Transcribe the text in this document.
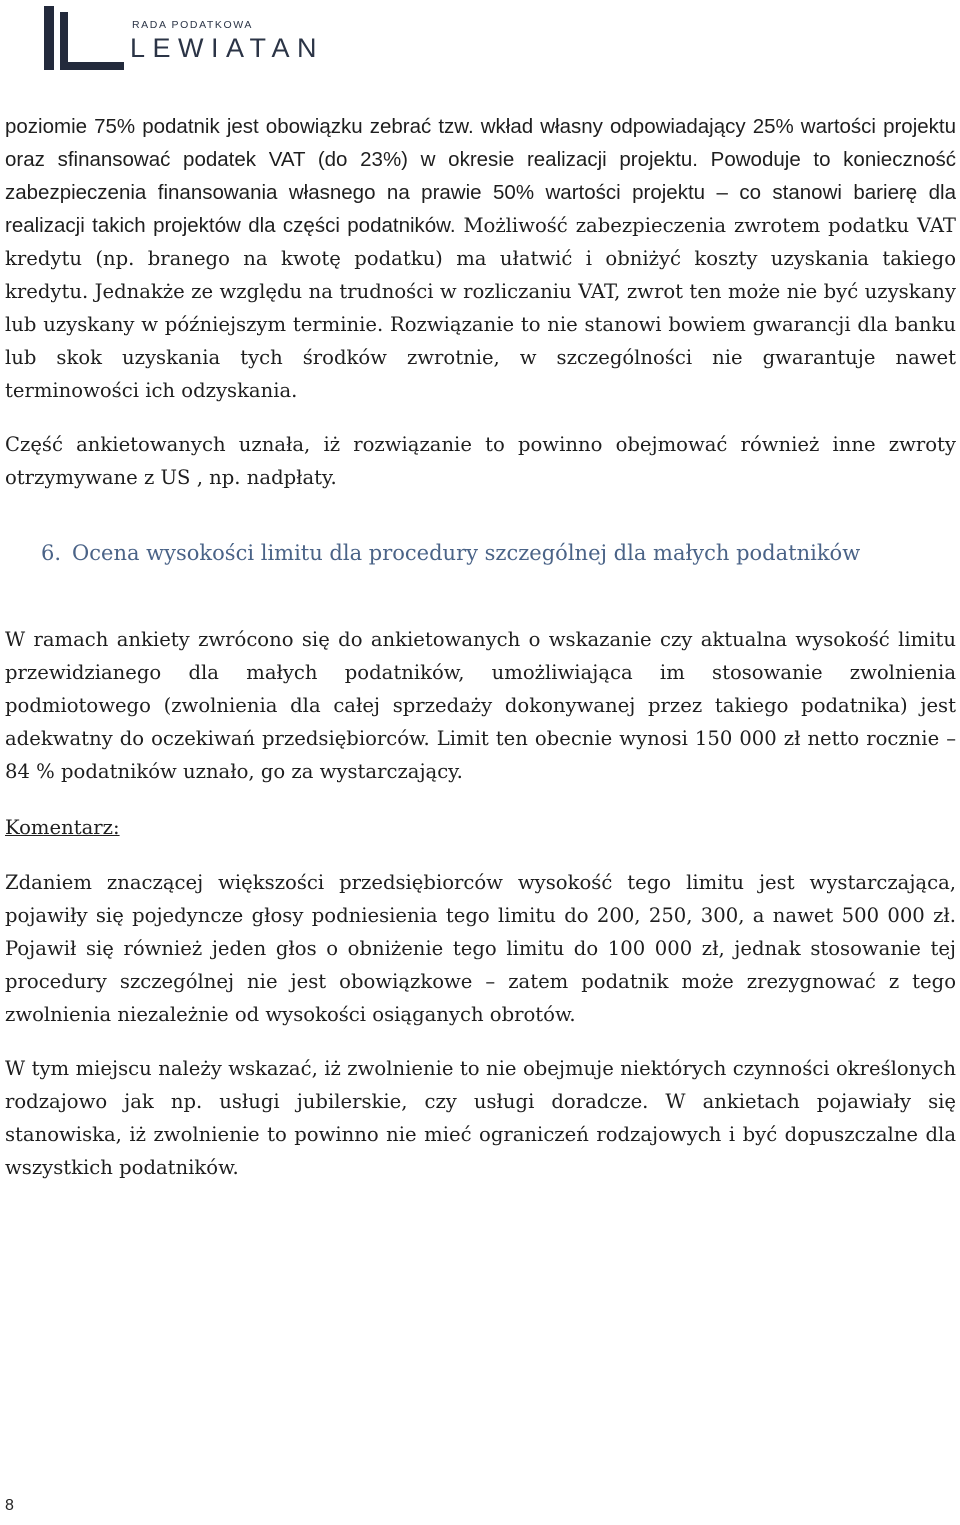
RADA PODATKOWA
LEWIATAN

poziomie 75% podatnik jest obowiązku zebrać tzw. wkład własny odpowiadający 25% wartości projektu oraz sfinansować podatek VAT (do 23%) w okresie realizacji projektu. Powoduje to konieczność zabezpieczenia finansowania własnego na prawie 50% wartości projektu – co stanowi barierę dla realizacji takich projektów dla części podatników. Możliwość zabezpieczenia zwrotem podatku VAT kredytu (np. branego na kwotę podatku) ma ułatwić i obniżyć koszty uzyskania takiego kredytu. Jednakże ze względu na trudności w rozliczaniu VAT, zwrot ten może nie być uzyskany lub uzyskany w późniejszym terminie. Rozwiązanie to nie stanowi bowiem gwarancji dla banku lub skok uzyskania tych środków zwrotnie, w szczególności nie gwarantuje nawet terminowości ich odzyskania.

Część ankietowanych uznała, iż rozwiązanie to powinno obejmować również inne zwroty otrzymywane z US , np. nadpłaty.

6. Ocena wysokości limitu dla procedury szczególnej dla małych podatników

W ramach ankiety zwrócono się do ankietowanych o wskazanie czy aktualna wysokość limitu przewidzianego dla małych podatników, umożliwiająca im stosowanie zwolnienia podmiotowego (zwolnienia dla całej sprzedaży dokonywanej przez takiego podatnika) jest adekwatny do oczekiwań przedsiębiorców. Limit ten obecnie wynosi 150 000 zł netto rocznie – 84 % podatników uznało, go za wystarczający.

Komentarz:

Zdaniem znaczącej większości przedsiębiorców wysokość tego limitu jest wystarczająca, pojawiły się pojedyncze głosy podniesienia tego limitu do 200, 250, 300, a nawet 500 000 zł. Pojawił się również jeden głos o obniżenie tego limitu do 100 000 zł, jednak stosowanie tej procedury szczególnej nie jest obowiązkowe – zatem podatnik może zrezygnować z tego zwolnienia niezależnie od wysokości osiąganych obrotów.

W tym miejscu należy wskazać, iż zwolnienie to nie obejmuje niektórych czynności określonych rodzajowo jak np. usługi jubilerskie, czy usługi doradcze. W ankietach pojawiały się stanowiska, iż zwolnienie to powinno nie mieć ograniczeń rodzajowych i być dopuszczalne dla wszystkich podatników.

8
